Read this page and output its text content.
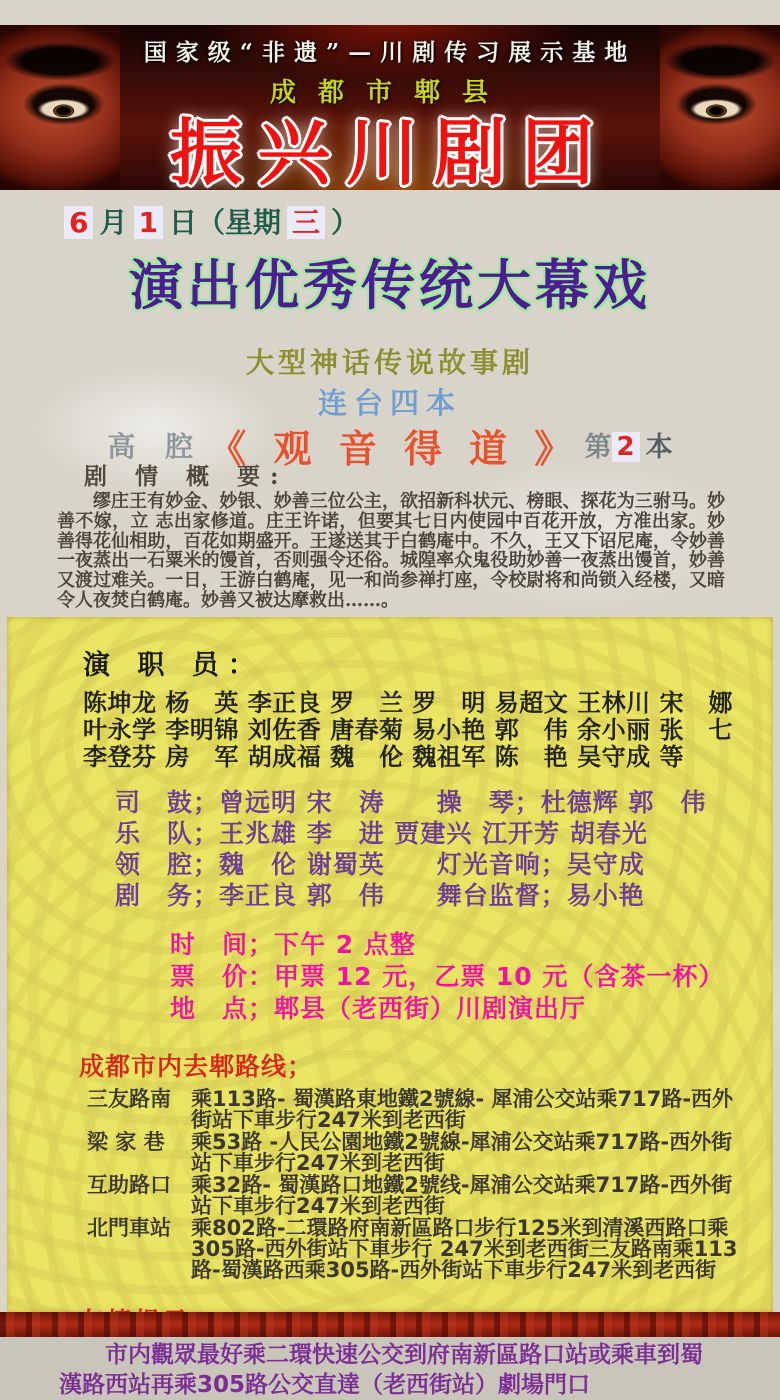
国家级“非遗”—川剧传习展示基地
成都市郫县
振兴川剧团
6 月 1 日（星期 三 ）
演出优秀传统大幕戏
大型神话传说故事剧
连台四本
高 腔 《 观 音 得 道 》 第 2 本
剧 情 概 要:
缪庄王有妙金、妙银、妙善三位公主，欲招新科状元、榜眼、探花为三驸马。妙善不嫁，立 志出家修道。庄王许诺，但要其七日内使园中百花开放，方准出家。妙善得花仙相助，百花如期盛开。王遂送其于白鹤庵中。不久，王又下诏尼庵，令妙善一夜蒸出一石粟米的馒首，否则强令还俗。城隍率众鬼役助妙善一夜蒸出馒首，妙善又渡过难关。一日，王游白鹤庵，见一和尚参禅打座，令校尉将和尚锁入经楼，又暗令人夜焚白鹤庵。妙善又被达摩救出……。
演 职 员：
陈坤龙 杨　英 李正良 罗　兰 罗　明 易超文 王林川 宋　娜
叶永学 李明锦 刘佐香 唐春菊 易小艳 郭　伟 余小丽 张　七
李登芬 房　军 胡成福 魏　伦 魏祖军 陈　艳 吴守成 等
司　鼓；曾远明 宋　涛　　操　琴；杜德辉 郭　伟
乐　队；王兆雄 李　进 贾建兴 江开芳 胡春光
领　腔；魏　伦 谢蜀英　　灯光音响；吴守成
剧　务；李正良 郭　伟　　舞台监督；易小艳
时　间；下午 2 点整
票　价：甲票 12 元，乙票 10 元（含茶一杯）
地　点；郫县（老西街）川剧演出厅
成都市内去郫路线；
三友路南 乘113路- 蜀漢路東地鐵2號線- 犀浦公交站乘717路-西外街站下車步行247米到老西街
梁 家 巷	乘53路 -人民公園地鐵2號線-犀浦公交站乘717路-西外街站下車步行247米到老西街
互助路口 乘32路- 蜀漢路口地鐵2號线-犀浦公交站乘717路-西外街站下車步行247米到老西街
北門車站 乘802路-二環路府南新區路口步行125米到清溪西路口乘305路-西外街站下車步行 247米到老西街三友路南乘113路-蜀漢路西乘305路-西外街站下車步行247米到老西街
市内觀眾最好乘二環快速公交到府南新區路口站或乘車到蜀漢路西站再乘305路公交直達（老西街站）劇場門口
